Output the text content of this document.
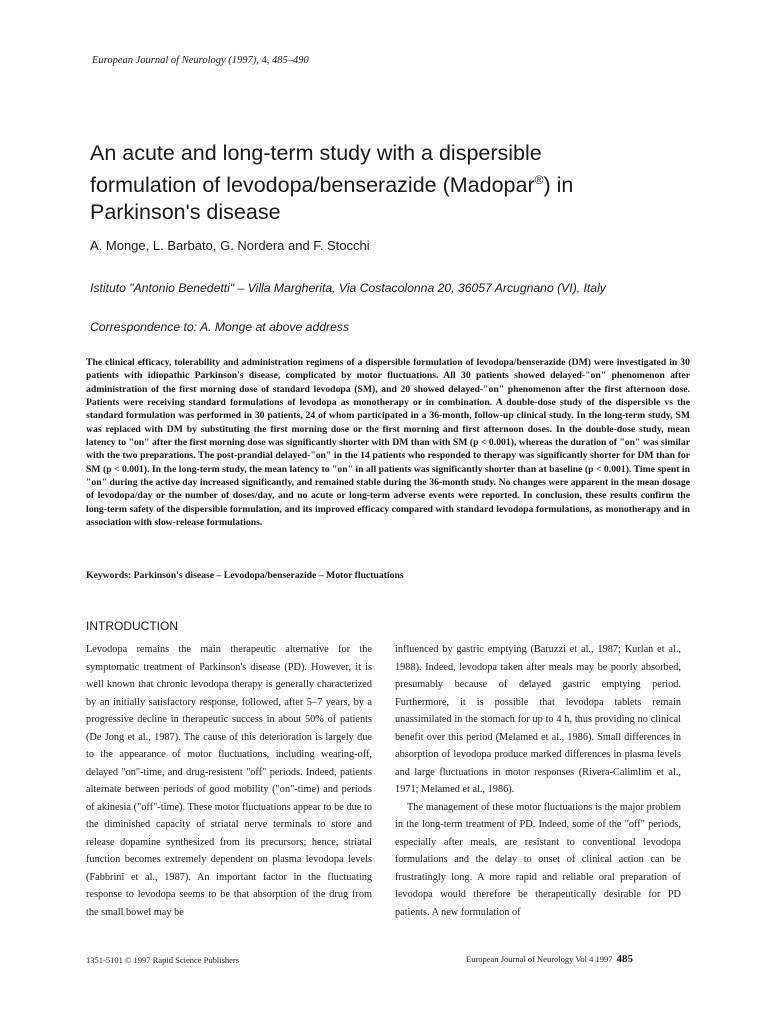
European Journal of Neurology (1997), 4, 485–490
An acute and long-term study with a dispersible formulation of levodopa/benserazide (Madopar®) in Parkinson's disease
A. Monge, L. Barbato, G. Nordera and F. Stocchi
Istituto "Antonio Benedetti" – Villa Margherita, Via Costacolonna 20, 36057 Arcugnano (VI), Italy
Correspondence to: A. Monge at above address

The clinical efficacy, tolerability and administration regimens of a dispersible formulation of levodopa/benserazide (DM) were investigated in 30 patients with idiopathic Parkinson's disease, complicated by motor fluctuations. All 30 patients showed delayed-"on" phenomenon after administration of the first morning dose of standard levodopa (SM), and 20 showed delayed-"on" phenomenon after the first afternoon dose. Patients were receiving standard formulations of levodopa as monotherapy or in combination. A double-dose study of the dispersible vs the standard formulation was performed in 30 patients, 24 of whom participated in a 36-month, follow-up clinical study. In the long-term study, SM was replaced with DM by substituting the first morning dose or the first morning and first afternoon doses. In the double-dose study, mean latency to "on" after the first morning dose was significantly shorter with DM than with SM (p < 0.001), whereas the duration of "on" was similar with the two preparations. The post-prandial delayed-"on" in the 14 patients who responded to therapy was significantly shorter for DM than for SM (p < 0.001). In the long-term study, the mean latency to "on" in all patients was significantly shorter than at baseline (p < 0.001). Time spent in "on" during the active day increased significantly, and remained stable during the 36-month study. No changes were apparent in the mean dosage of levodopa/day or the number of doses/day, and no acute or long-term adverse events were reported. In conclusion, these results confirm the long-term safety of the dispersible formulation, and its improved efficacy compared with standard levodopa formulations, as monotherapy and in association with slow-release formulations.

Keywords: Parkinson's disease – Levodopa/benserazide – Motor fluctuations
INTRODUCTION

Levodopa remains the main therapeutic alternative for the symptomatic treatment of Parkinson's disease (PD). However, it is well known that chronic levodopa therapy is generally characterized by an initially satisfactory response, followed, after 5–7 years, by a progressive decline in therapeutic success in about 50% of patients (De Jong et al., 1987). The cause of this deterioration is largely due to the appearance of motor fluctuations, including wearing-off, delayed "on"-time, and drug-resistent "off" periods. Indeed, patients alternate between periods of good mobility ("on"-time) and periods of akinesia ("off"-time). These motor fluctuations appear to be due to the diminished capacity of striatal nerve terminals to store and release dopamine synthesized from its precursors; hence, striatal function becomes extremely dependent on plasma levodopa levels (Fabbrini et al., 1987). An important factor in the fluctuating response to levodopa seems to be that absorption of the drug from the small bowel may be

influenced by gastric emptying (Baruzzi et al., 1987; Kurlan et al., 1988). Indeed, levodopa taken after meals may be poorly absorbed, presumably because of delayed gastric emptying period. Furthermore, it is possible that levodopa tablets remain unassimilated in the stomach for up to 4 h, thus providing no clinical benefit over this period (Melamed et al., 1986). Small differences in absorption of levodopa produce marked differences in plasma levels and large fluctuations in motor responses (Rivera-Calimlim et al., 1971; Melamed et al., 1986).

The management of these motor fluctuations is the major problem in the long-term treatment of PD. Indeed, some of the "off" periods, especially after meals, are resistant to conventional levodopa formulations and the delay to onset of clinical action can be frustratingly long. A more rapid and reliable oral preparation of levodopa would therefore be therapeutically desirable for PD patients. A new formulation of

1351-5101 © 1997 Rapid Science Publishers	European Journal of Neurology Vol 4 1997 485
